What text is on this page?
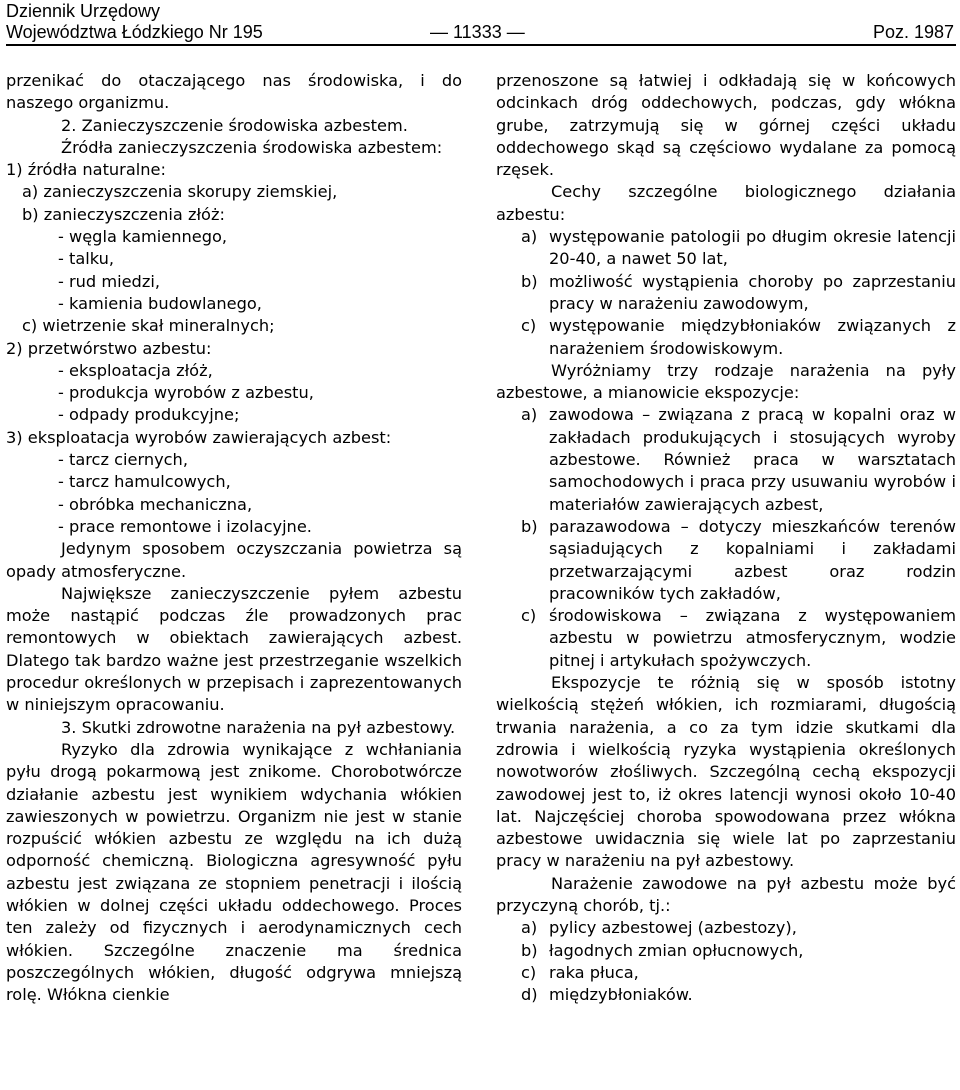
Dziennik Urzędowy
Województwa Łódzkiego Nr 195	— 11333 —	Poz. 1987

przenikać do otaczającego nas środowiska, i do naszego organizmu.

2. Zanieczyszczenie środowiska azbestem.

Źródła zanieczyszczenia środowiska azbestem:

1) źródła naturalne:
a) zanieczyszczenia skorupy ziemskiej,
b) zanieczyszczenia złóż:
- węgla kamiennego,
- talku,
- rud miedzi,
- kamienia budowlanego,
c) wietrzenie skał mineralnych;
2) przetwórstwo azbestu:
- eksploatacja złóż,
- produkcja wyrobów z azbestu,
- odpady produkcyjne;
3) eksploatacja wyrobów zawierających azbest:
- tarcz ciernych,
- tarcz hamulcowych,
- obróbka mechaniczna,
- prace remontowe i izolacyjne.

Jedynym sposobem oczyszczania powietrza są opady atmosferyczne.

Największe zanieczyszczenie pyłem azbestu może nastąpić podczas źle prowadzonych prac remontowych w obiektach zawierających azbest. Dlatego tak bardzo ważne jest przestrzeganie wszelkich procedur określonych w przepisach i zaprezentowanych w niniejszym opracowaniu.

3. Skutki zdrowotne narażenia na pył azbestowy.

Ryzyko dla zdrowia wynikające z wchłaniania pyłu drogą pokarmową jest znikome. Chorobotwórcze działanie azbestu jest wynikiem wdychania włókien zawieszonych w powietrzu. Organizm nie jest w stanie rozpuścić włókien azbestu ze względu na ich dużą odporność chemiczną. Biologiczna agresywność pyłu azbestu jest związana ze stopniem penetracji i ilością włókien w dolnej części układu oddechowego. Proces ten zależy od fizycznych i aerodynamicznych cech włókien. Szczególne znaczenie ma średnica poszczególnych włókien, długość odgrywa mniejszą rolę. Włókna cienkie

przenoszone są łatwiej i odkładają się w końcowych odcinkach dróg oddechowych, podczas, gdy włókna grube, zatrzymują się w górnej części układu oddechowego skąd są częściowo wydalane za pomocą rzęsek.

Cechy szczególne biologicznego działania azbestu:

a) występowanie patologii po długim okresie latencji 20-40, a nawet 50 lat,
b) możliwość wystąpienia choroby po zaprzestaniu pracy w narażeniu zawodowym,
c) występowanie międzybłoniaków związanych z narażeniem środowiskowym.

Wyróżniamy trzy rodzaje narażenia na pyły azbestowe, a mianowicie ekspozycje:

a) zawodowa – związana z pracą w kopalni oraz w zakładach produkujących i stosujących wyroby azbestowe. Również praca w warsztatach samochodowych i praca przy usuwaniu wyrobów i materiałów zawierających azbest,
b) parazawodowa – dotyczy mieszkańców terenów sąsiadujących z kopalniami i zakładami przetwarzającymi azbest oraz rodzin pracowników tych zakładów,
c) środowiskowa – związana z występowaniem azbestu w powietrzu atmosferycznym, wodzie pitnej i artykułach spożywczych.

Ekspozycje te różnią się w sposób istotny wielkością stężeń włókien, ich rozmiarami, długością trwania narażenia, a co za tym idzie skutkami dla zdrowia i wielkością ryzyka wystąpienia określonych nowotworów złośliwych. Szczególną cechą ekspozycji zawodowej jest to, iż okres latencji wynosi około 10-40 lat. Najczęściej choroba spowodowana przez włókna azbestowe uwidacznia się wiele lat po zaprzestaniu pracy w narażeniu na pył azbestowy.

Narażenie zawodowe na pył azbestu może być przyczyną chorób, tj.:

a) pylicy azbestowej (azbestozy),
b) łagodnych zmian opłucnowych,
c) raka płuca,
d) międzybłoniaków.
